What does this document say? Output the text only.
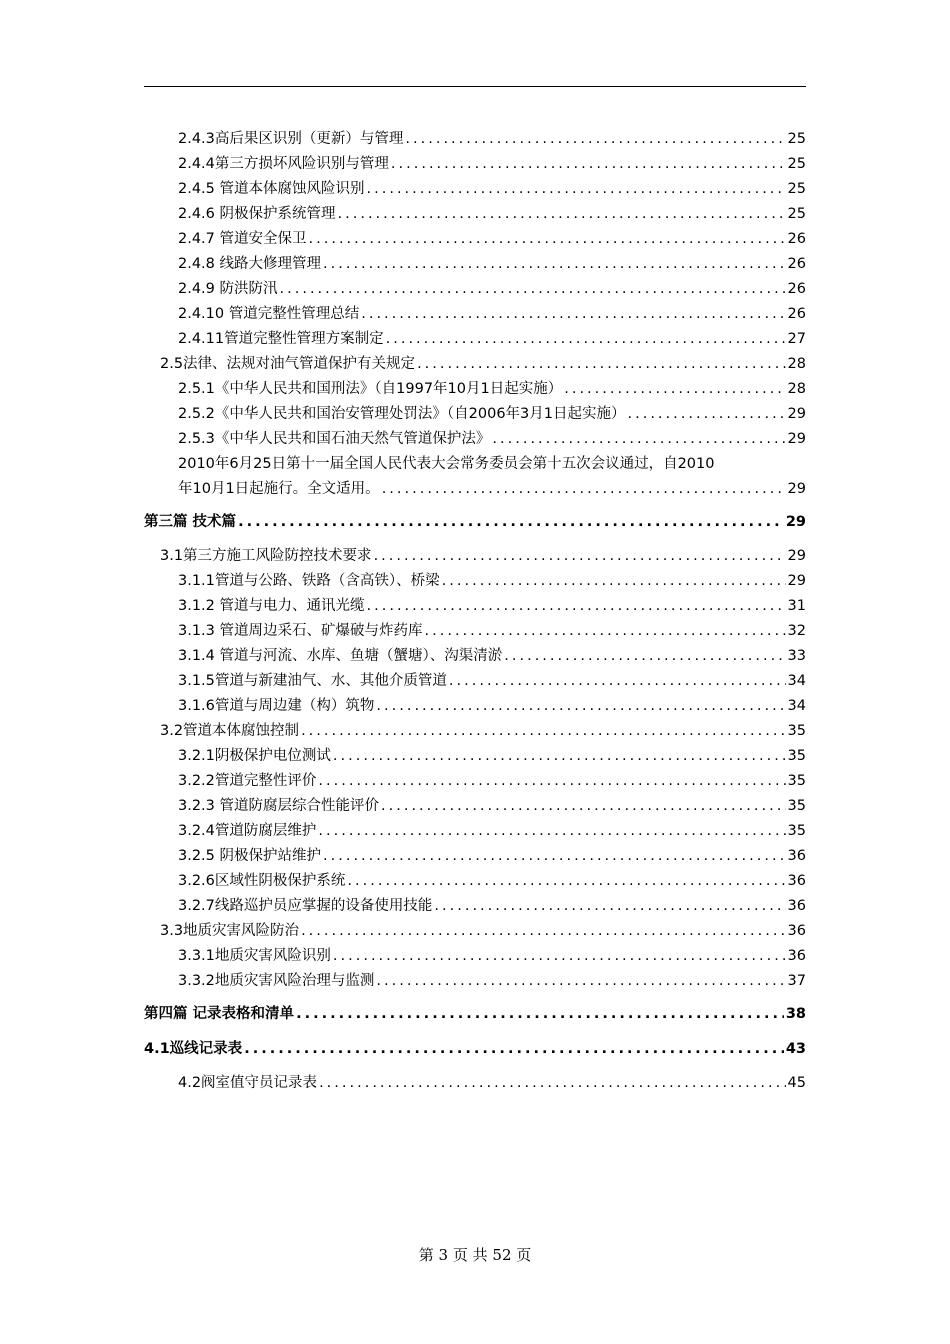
2.4.3高后果区识别（更新）与管理 .....	25
2.4.4第三方损坏风险识别与管理 .....	25
2.4.5 管道本体腐蚀风险识别 .....	25
2.4.6 阴极保护系统管理 .....	25
2.4.7 管道安全保卫 .....	26
2.4.8 线路大修理管理 .....	26
2.4.9 防洪防汛 .....	26
2.4.10 管道完整性管理总结 .....	26
2.4.11管道完整性管理方案制定 .....	27
2.5法律、法规对油气管道保护有关规定 .....	28
2.5.1《中华人民共和国刑法》（自1997年10月1日起实施） .....	28
2.5.2《中华人民共和国治安管理处罚法》（自2006年3月1日起实施） .....	29
2.5.3《中华人民共和国石油天然气管道保护法》 .....	29
2010年6月25日第十一届全国人民代表大会常务委员会第十五次会议通过，自2010
年10月1日起施行。全文适用。 .....	29
第三篇 技术篇 .....	29
3.1第三方施工风险防控技术要求 .....	29
3.1.1管道与公路、铁路（含高铁）、桥梁 .....	29
3.1.2 管道与电力、通讯光缆 .....	31
3.1.3 管道周边采石、矿爆破与炸药库 .....	32
3.1.4 管道与河流、水库、鱼塘（蟹塘）、沟渠清淤 .....	33
3.1.5管道与新建油气、水、其他介质管道 .....	34
3.1.6管道与周边建（构）筑物 .....	34
3.2管道本体腐蚀控制 .....	35
3.2.1阴极保护电位测试 .....	35
3.2.2管道完整性评价 .....	35
3.2.3 管道防腐层综合性能评价 .....	35
3.2.4管道防腐层维护 .....	35
3.2.5 阴极保护站维护 .....	36
3.2.6区域性阴极保护系统 .....	36
3.2.7线路巡护员应掌握的设备使用技能 .....	36
3.3地质灾害风险防治 .....	36
3.3.1地质灾害风险识别 .....	36
3.3.2地质灾害风险治理与监测 .....	37
第四篇 记录表格和清单 .....	38
4.1巡线记录表 .....	43
4.2阀室值守员记录表 .....	45
第 3 页 共 52 页
